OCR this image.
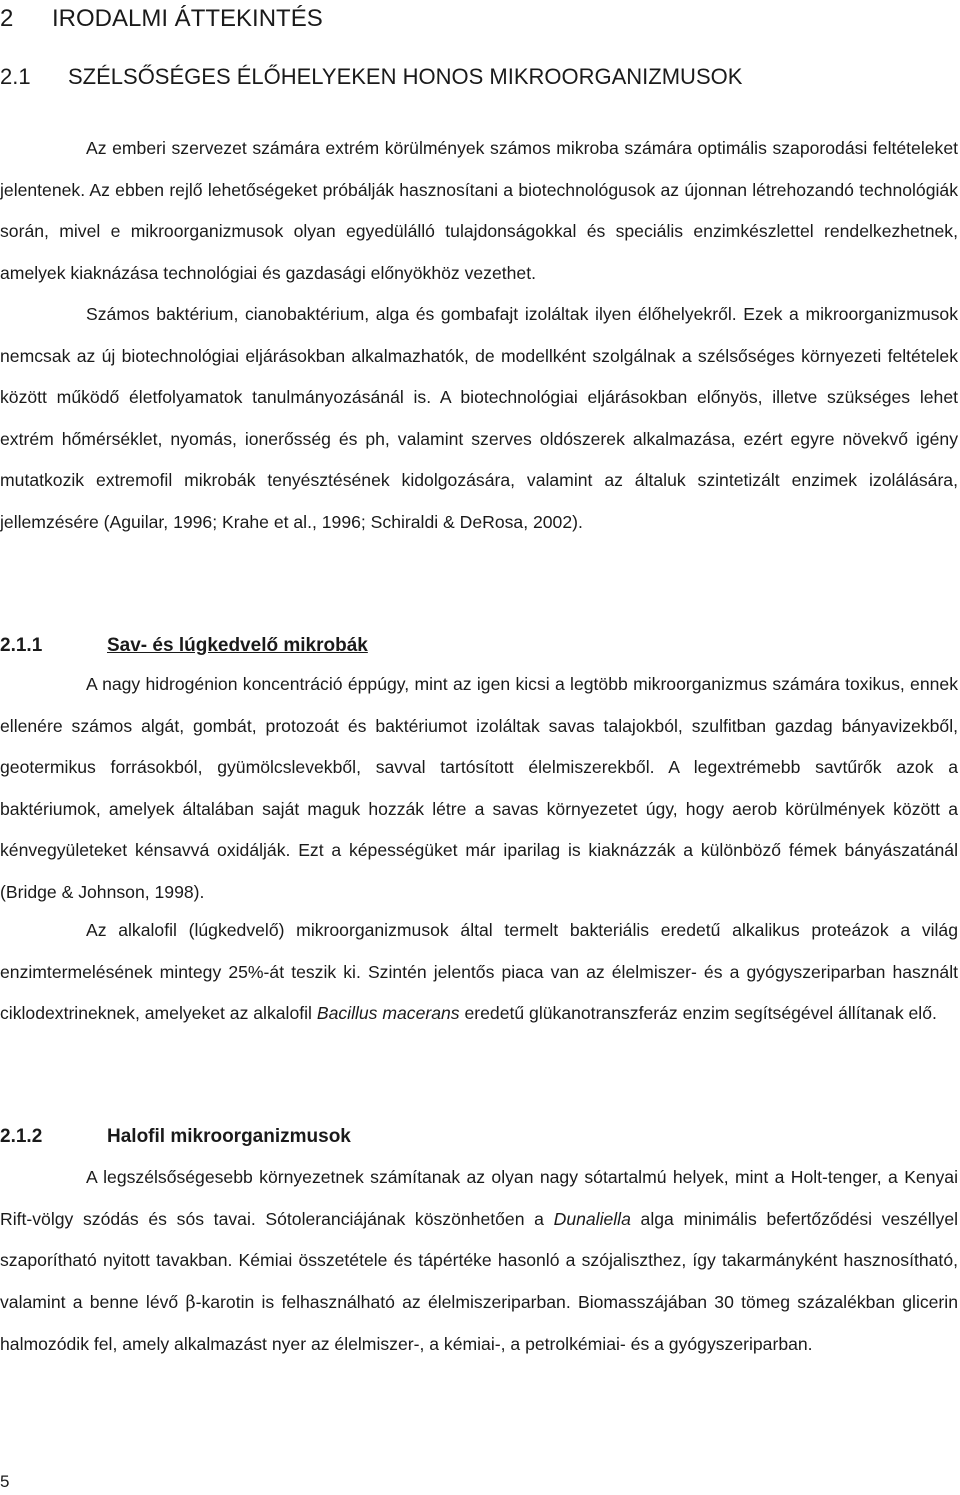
2 IRODALMI ÁTTEKINTÉS
2.1 SZÉLSŐSÉGES ÉLŐHELYEKEN HONOS MIKROORGANIZMUSOK

Az emberi szervezet számára extrém körülmények számos mikroba számára optimális szaporodási feltételeket jelentenek. Az ebben rejlő lehetőségeket próbálják hasznosítani a biotechnológusok az újonnan létrehozandó technológiák során, mivel e mikroorganizmusok olyan egyedülálló tulajdonságokkal és speciális enzimkészlettel rendelkezhetnek, amelyek kiaknázása technológiai és gazdasági előnyökhöz vezethet.

Számos baktérium, cianobaktérium, alga és gombafajt izoláltak ilyen élőhelyekről. Ezek a mikroorganizmusok nemcsak az új biotechnológiai eljárásokban alkalmazhatók, de modellként szolgálnak a szélsőséges környezeti feltételek között működő életfolyamatok tanulmányozásánál is. A biotechnológiai eljárásokban előnyös, illetve szükséges lehet extrém hőmérséklet, nyomás, ionerősség és ph, valamint szerves oldószerek alkalmazása, ezért egyre növekvő igény mutatkozik extremofil mikrobák tenyésztésének kidolgozására, valamint az általuk szintetizált enzimek izolálására, jellemzésére (Aguilar, 1996; Krahe et al., 1996; Schiraldi & DeRosa, 2002).

2.1.1	Sav- és lúgkedvelő mikrobák

A nagy hidrogénion koncentráció éppúgy, mint az igen kicsi a legtöbb mikroorganizmus számára toxikus, ennek ellenére számos algát, gombát, protozoát és baktériumot izoláltak savas talajokból, szulfitban gazdag bányavizekből, geotermikus forrásokból, gyümölcslevekből, savval tartósított élelmiszerekből. A legextrémebb savtűrők azok a baktériumok, amelyek általában saját maguk hozzák létre a savas környezetet úgy, hogy aerob körülmények között a kénvegyületeket kénsavvá oxidálják. Ezt a képességüket már iparilag is kiaknázzák a különböző fémek bányászatánál (Bridge & Johnson, 1998).

Az alkalofil (lúgkedvelő) mikroorganizmusok által termelt bakteriális eredetű alkalikus proteázok a világ enzimtermelésének mintegy 25%-át teszik ki. Szintén jelentős piaca van az élelmiszer- és a gyógyszeriparban használt ciklodextrineknek, amelyeket az alkalofil Bacillus macerans eredetű glükanotranszferáz enzim segítségével állítanak elő.

2.1.2	Halofil mikroorganizmusok

A legszélsőségesebb környezetnek számítanak az olyan nagy sótartalmú helyek, mint a Holt-tenger, a Kenyai Rift-völgy szódás és sós tavai. Sótoleranciájának köszönhetően a Dunaliella alga minimális befertőződési veszéllyel szaporítható nyitott tavakban. Kémiai összetétele és tápértéke hasonló a szójaliszthez, így takarmányként hasznosítható, valamint a benne lévő β-karotin is felhasználható az élelmiszeriparban. Biomasszájában 30 tömeg százalékban glicerin halmozódik fel, amely alkalmazást nyer az élelmiszer-, a kémiai-, a petrolkémiai- és a gyógyszeriparban.

5
